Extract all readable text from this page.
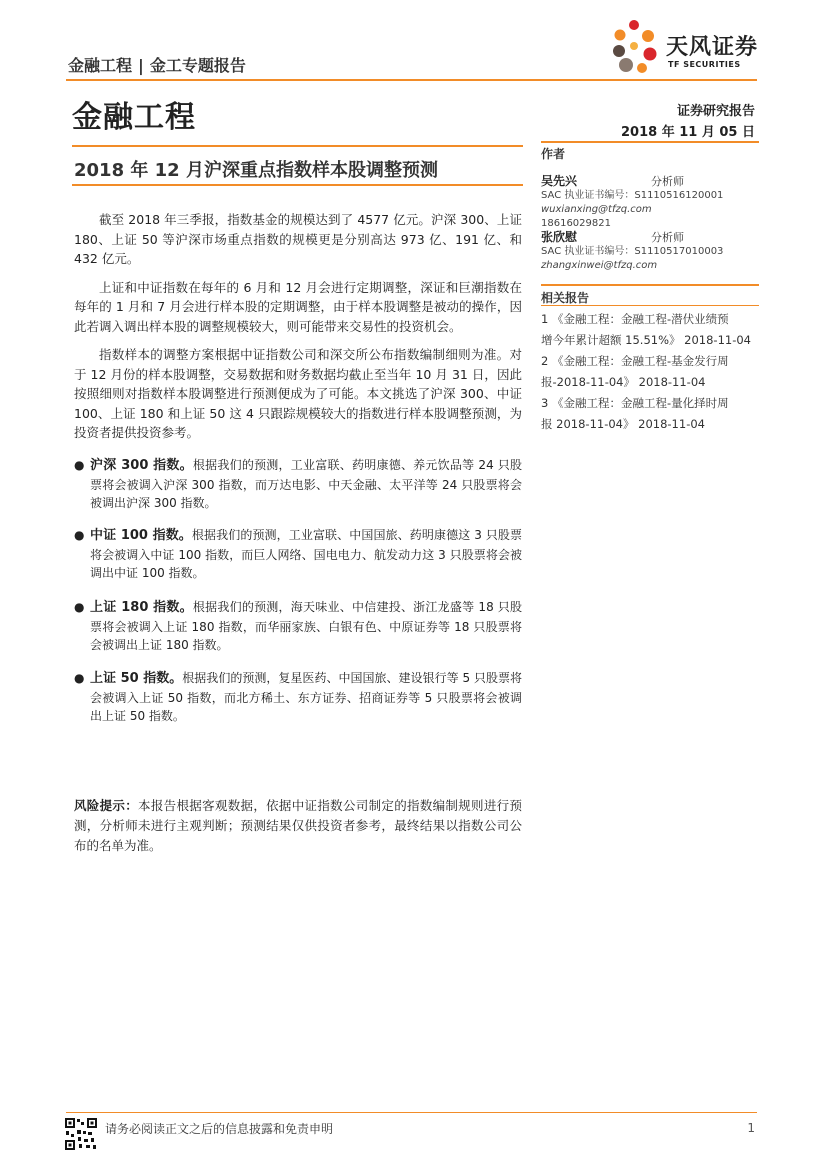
金融工程 | 金工专题报告
天风证券
TF SECURITIES
金融工程	证券研究报告
2018 年 11 月 05 日
2018 年 12 月沪深重点指数样本股调整预测
作者
吴先兴	分析师
SAC 执业证书编号：S1110516120001
wuxianxing@tfzq.com
18616029821
张欣慰	分析师
SAC 执业证书编号：S1110517010003
zhangxinwei@tfzq.com
相关报告
1 《金融工程：金融工程-潜伏业绩预
增今年累计超额 15.51%》 2018-11-04
2 《金融工程：金融工程-基金发行周
报-2018-11-04》 2018-11-04
3 《金融工程：金融工程-量化择时周
报 2018-11-04》 2018-11-04

截至 2018 年三季报，指数基金的规模达到了 4577 亿元。沪深 300、上证 180、上证 50 等沪深市场重点指数的规模更是分别高达 973 亿、191 亿、和 432 亿元。

上证和中证指数在每年的 6 月和 12 月会进行定期调整，深证和巨潮指数在每年的 1 月和 7 月会进行样本股的定期调整，由于样本股调整是被动的操作，因此若调入调出样本股的调整规模较大，则可能带来交易性的投资机会。

指数样本的调整方案根据中证指数公司和深交所公布指数编制细则为准。对于 12 月份的样本股调整，交易数据和财务数据均截止至当年 10 月 31 日，因此按照细则对指数样本股调整进行预测便成为了可能。本文挑选了沪深 300、中证 100、上证 180 和上证 50 这 4 只跟踪规模较大的指数进行样本股调整预测，为投资者提供投资参考。

● 沪深 300 指数。根据我们的预测，工业富联、药明康德、养元饮品等 24 只股票将会被调入沪深 300 指数，而万达电影、中天金融、太平洋等 24 只股票将会被调出沪深 300 指数。
● 中证 100 指数。根据我们的预测，工业富联、中国国旅、药明康德这 3 只股票将会被调入中证 100 指数，而巨人网络、国电电力、航发动力这 3 只股票将会被调出中证 100 指数。
● 上证 180 指数。根据我们的预测，海天味业、中信建投、浙江龙盛等 18 只股票将会被调入上证 180 指数，而华丽家族、白银有色、中原证券等 18 只股票将会被调出上证 180 指数。
● 上证 50 指数。根据我们的预测，复星医药、中国国旅、建设银行等 5 只股票将会被调入上证 50 指数，而北方稀土、东方证券、招商证券等 5 只股票将会被调出上证 50 指数。
风险提示：本报告根据客观数据，依据中证指数公司制定的指数编制规则进行预测，分析师未进行主观判断；预测结果仅供投资者参考，最终结果以指数公司公布的名单为准。
请务必阅读正文之后的信息披露和免责申明	1
